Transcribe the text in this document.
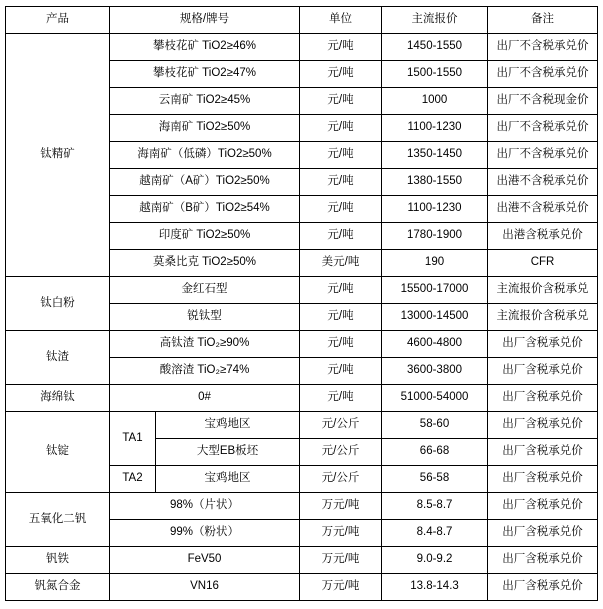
产品	规格/牌号		单位	主流报价	备注
钛精矿	攀枝花矿 TiO2≥46%		元/吨	1450-1550	出厂不含税承兑价
	攀枝花矿 TiO2≥47%		元/吨	1500-1550	出厂不含税承兑价
	云南矿 TiO2≥45%		元/吨	1000	出厂不含税现金价
	海南矿 TiO2≥50%		元/吨	1100-1230	出厂不含税承兑价
	海南矿（低磷）TiO2≥50%		元/吨	1350-1450	出厂不含税承兑价
	越南矿（A矿）TiO2≥50%		元/吨	1380-1550	出港不含税承兑价
	越南矿（B矿）TiO2≥54%		元/吨	1100-1230	出港不含税承兑价
	印度矿 TiO2≥50%		元/吨	1780-1900	出港含税承兑价
	莫桑比克 TiO2≥50%		美元/吨	190	CFR
钛白粉	金红石型		元/吨	15500-17000	主流报价含税承兑
	锐钛型		元/吨	13000-14500	主流报价含税承兑
钛渣	高钛渣 TiO₂≥90%		元/吨	4600-4800	出厂含税承兑价
	酸溶渣 TiO₂≥74%		元/吨	3600-3800	出厂含税承兑价
海绵钛	0#		元/吨	51000-54000	出厂含税承兑价
钛锭	TA1	宝鸡地区	元/公斤	58-60	出厂含税承兑价
		大型EB板坯	元/公斤	66-68	出厂含税承兑价
	TA2	宝鸡地区	元/公斤	56-58	出厂含税承兑价
五氧化二钒	98%（片状）		万元/吨	8.5-8.7	出厂含税承兑价
	99%（粉状）		万元/吨	8.4-8.7	出厂含税承兑价
钒铁	FeV50		万元/吨	9.0-9.2	出厂含税承兑价
钒氮合金	VN16		万元/吨	13.8-14.3	出厂含税承兑价
